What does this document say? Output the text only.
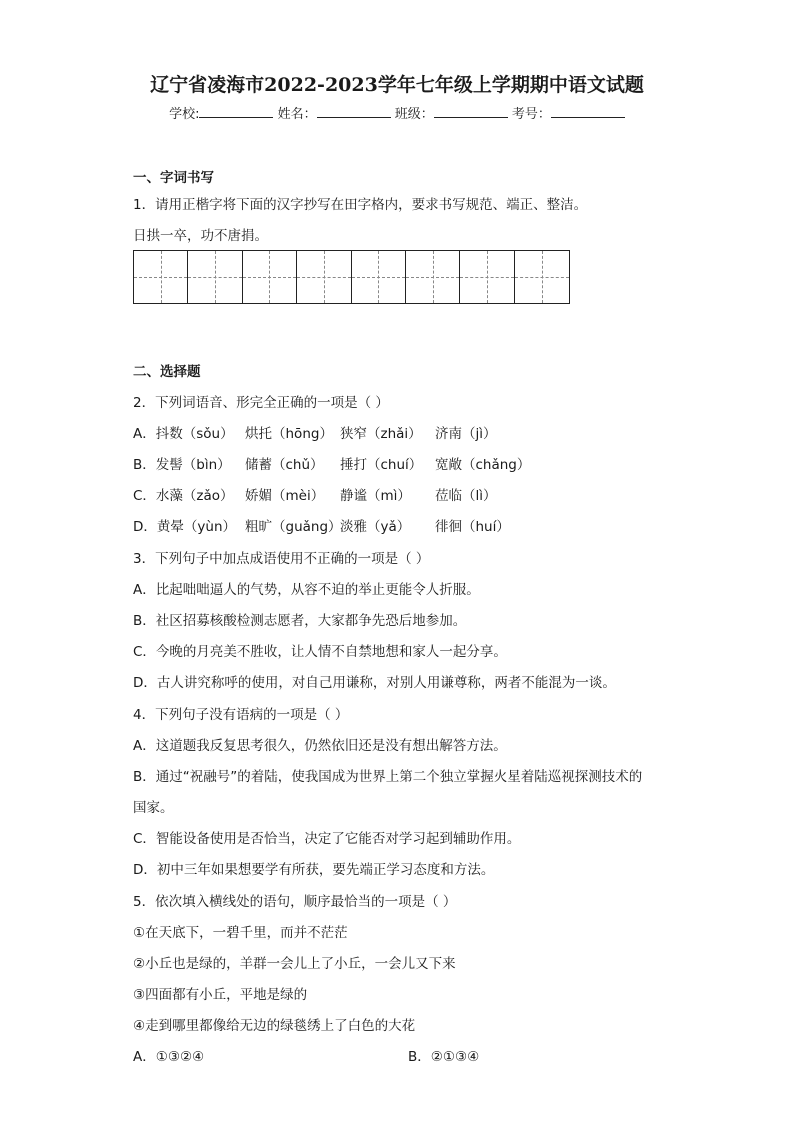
辽宁省凌海市2022-2023学年七年级上学期期中语文试题
学校:	姓名：	班级：	考号：
一、字词书写
1．请用正楷字将下面的汉字抄写在田字格内，要求书写规范、端正、整洁。
日拱一卒，功不唐捐。
二、选择题
2．下列词语音、形完全正确的一项是（ ）
A．抖数（sǒu） 烘托（hōng） 狭窄（zhǎi） 济南（jì）
B．发髻（bìn） 储蓄（chǔ） 捶打（chuí） 宽敞（chǎng）
C．水藻（zǎo） 娇媚（mèi） 静谧（mì） 莅临（lì）
D．黄晕（yùn） 粗旷（guǎng）淡雅（yǎ） 徘徊（huí）
3．下列句子中加点成语使用不正确的一项是（ ）
A．比起咄咄逼人的气势，从容不迫的举止更能令人折服。
B．社区招募核酸检测志愿者，大家都争先恐后地参加。
C．今晚的月亮美不胜收，让人情不自禁地想和家人一起分享。
D．古人讲究称呼的使用，对自己用谦称，对别人用谦尊称，两者不能混为一谈。
4．下列句子没有语病的一项是（ ）
A．这道题我反复思考很久，仍然依旧还是没有想出解答方法。
B．通过“祝融号”的着陆，使我国成为世界上第二个独立掌握火星着陆巡视探测技术的
国家。
C．智能设备使用是否恰当，决定了它能否对学习起到辅助作用。
D．初中三年如果想要学有所获，要先端正学习态度和方法。
5．依次填入横线处的语句，顺序最恰当的一项是（ ）
①在天底下，一碧千里，而并不茫茫
②小丘也是绿的，羊群一会儿上了小丘，一会儿又下来
③四面都有小丘，平地是绿的
④走到哪里都像给无边的绿毯绣上了白色的大花
A．①③②④	B．②①③④
